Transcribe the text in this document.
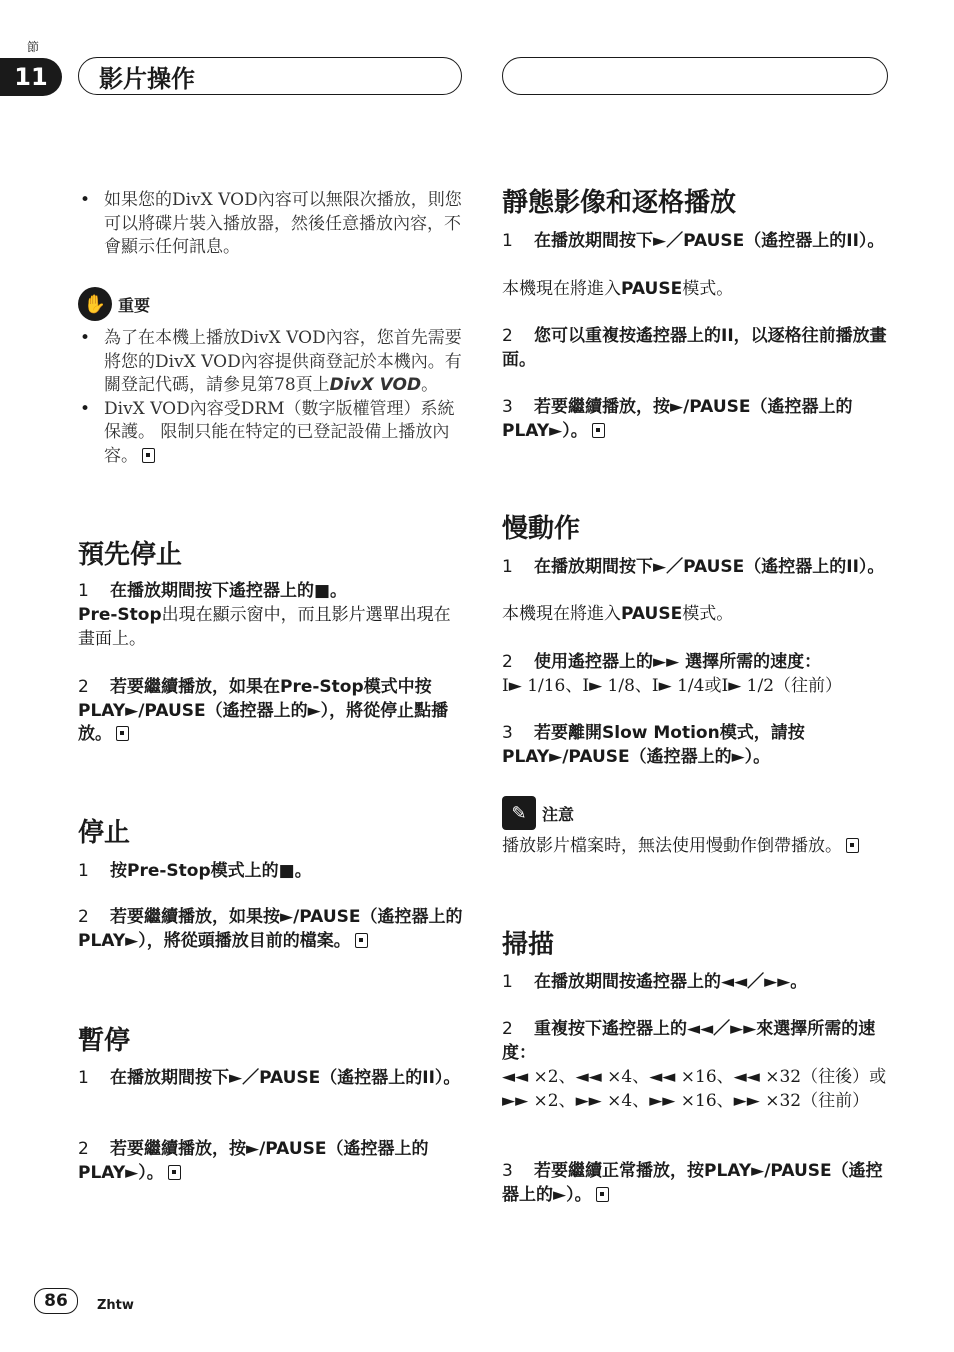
節
11	影片操作
• 如果您的DivX VOD內容可以無限次播放，則您可以將碟片裝入播放器，然後任意播放內容，不會顯示任何訊息。
✋ 重要
• 為了在本機上播放DivX VOD內容，您首先需要將您的DivX VOD內容提供商登記於本機內。有關登記代碼，請參見第78頁上DivX VOD。
• DivX VOD內容受DRM（數字版權管理）系統保護。 限制只能在特定的已登記設備上播放內容。
預先停止
1 在播放期間按下遙控器上的■。
Pre-Stop出現在顯示窗中，而且影片選單出現在畫面上。
2 若要繼續播放，如果在Pre-Stop模式中按PLAY►/PAUSE（遙控器上的►），將從停止點播放。
停止
1 按Pre-Stop模式上的■。
2 若要繼續播放，如果按►/PAUSE（遙控器上的PLAY►），將從頭播放目前的檔案。
暫停
1 在播放期間按下►／PAUSE（遙控器上的II）。
2 若要繼續播放，按►/PAUSE（遙控器上的PLAY►）。
靜態影像和逐格播放
1 在播放期間按下►／PAUSE（遙控器上的II）。
本機現在將進入PAUSE模式。
2 您可以重複按遙控器上的II，以逐格往前播放畫面。
3 若要繼續播放，按►/PAUSE（遙控器上的PLAY►）。
慢動作
1 在播放期間按下►／PAUSE（遙控器上的II）。
本機現在將進入PAUSE模式。
2 使用遙控器上的►► 選擇所需的速度：
I► 1/16、I► 1/8、I► 1/4或I► 1/2（往前）
3 若要離開Slow Motion模式，請按PLAY►/PAUSE（遙控器上的►）。
✎ 注意
播放影片檔案時，無法使用慢動作倒帶播放。
掃描
1 在播放期間按遙控器上的◄◄／►►。
2 重複按下遙控器上的◄◄／►►來選擇所需的速度：
◄◄ ×2、◄◄ ×4、◄◄ ×16、◄◄ ×32（往後）或►► ×2、►► ×4、►► ×16、►► ×32（往前）
3 若要繼續正常播放，按PLAY►/PAUSE（遙控器上的►）。
86	Zhtw
